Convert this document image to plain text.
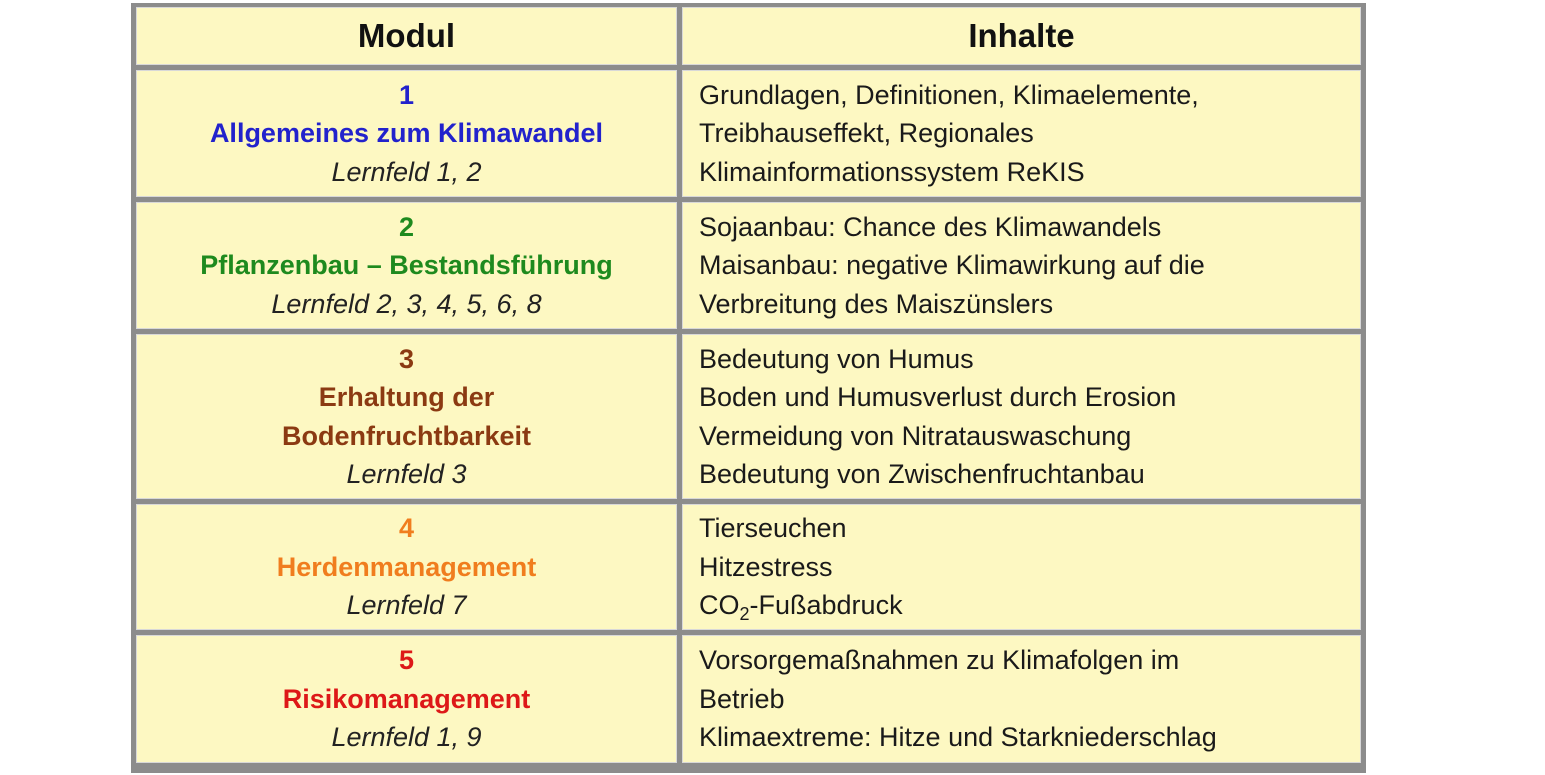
Modul	Inhalte

1
Allgemeines zum Klimawandel
Lernfeld 1, 2	Grundlagen, Definitionen, Klimaelemente,
Treibhauseffekt, Regionales
Klimainformationssystem ReKIS

2
Pflanzenbau – Bestandsführung
Lernfeld 2, 3, 4, 5, 6, 8	Sojaanbau: Chance des Klimawandels
Maisanbau: negative Klimawirkung auf die
Verbreitung des Maiszünslers

3
Erhaltung der
Bodenfruchtbarkeit
Lernfeld 3	Bedeutung von Humus
Boden und Humusverlust durch Erosion
Vermeidung von Nitratauswaschung
Bedeutung von Zwischenfruchtanbau

4
Herdenmanagement
Lernfeld 7	Tierseuchen
Hitzestress
$CO_2$-Fußabdruck

5
Risikomanagement
Lernfeld 1, 9	Vorsorgemaßnahmen zu Klimafolgen im
Betrieb
Klimaextreme: Hitze und Starkniederschlag
